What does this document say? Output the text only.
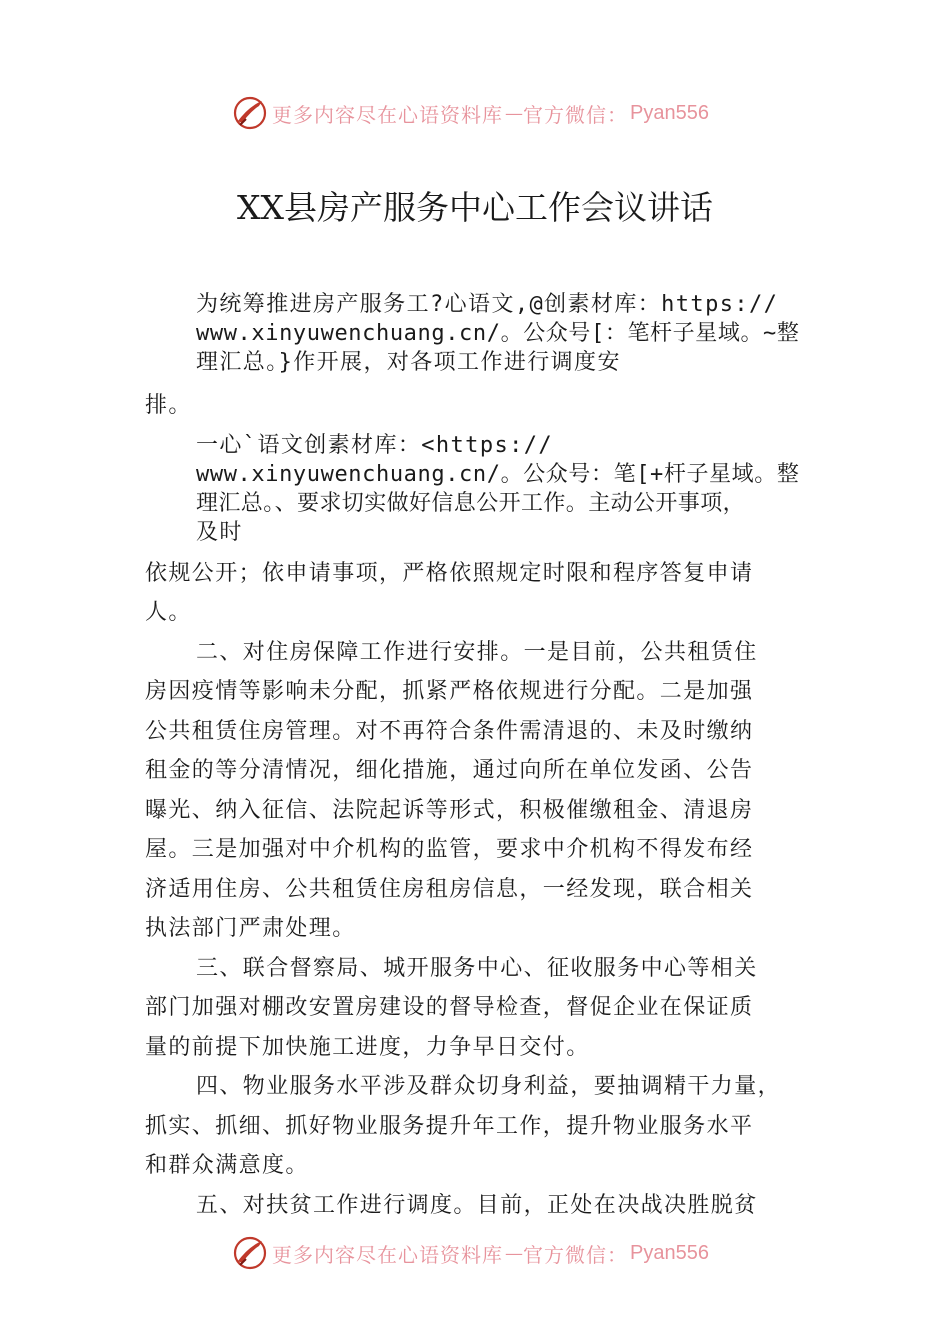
更多内容尽在心语资料库 — 官方微信： Pyan556
XX县房产服务中心工作会议讲话
为统筹推进房产服务工?心语文,@创素材库：https://
www.xinyuwenchuang.cn/。公众号[：笔杆子星域。~整
理汇总。}作开展，对各项工作进行调度安
排。
一心`语文创素材库：<https://
www.xinyuwenchuang.cn/。公众号：笔[+杆子星域。整
理汇总。、要求切实做好信息公开工作。主动公开事项，
及时
依规公开；依申请事项，严格依照规定时限和程序答复申请
人。
二、对住房保障工作进行安排。一是目前，公共租赁住
房因疫情等影响未分配，抓紧严格依规进行分配。二是加强
公共租赁住房管理。对不再符合条件需清退的、未及时缴纳
租金的等分清情况，细化措施，通过向所在单位发函、公告
曝光、纳入征信、法院起诉等形式，积极催缴租金、清退房
屋。三是加强对中介机构的监管，要求中介机构不得发布经
济适用住房、公共租赁住房租房信息，一经发现，联合相关
执法部门严肃处理。
三、联合督察局、城开服务中心、征收服务中心等相关
部门加强对棚改安置房建设的督导检查，督促企业在保证质
量的前提下加快施工进度，力争早日交付。
四、物业服务水平涉及群众切身利益，要抽调精干力量，
抓实、抓细、抓好物业服务提升年工作，提升物业服务水平
和群众满意度。
五、对扶贫工作进行调度。目前，正处在决战决胜脱贫
更多内容尽在心语资料库 — 官方微信： Pyan556
